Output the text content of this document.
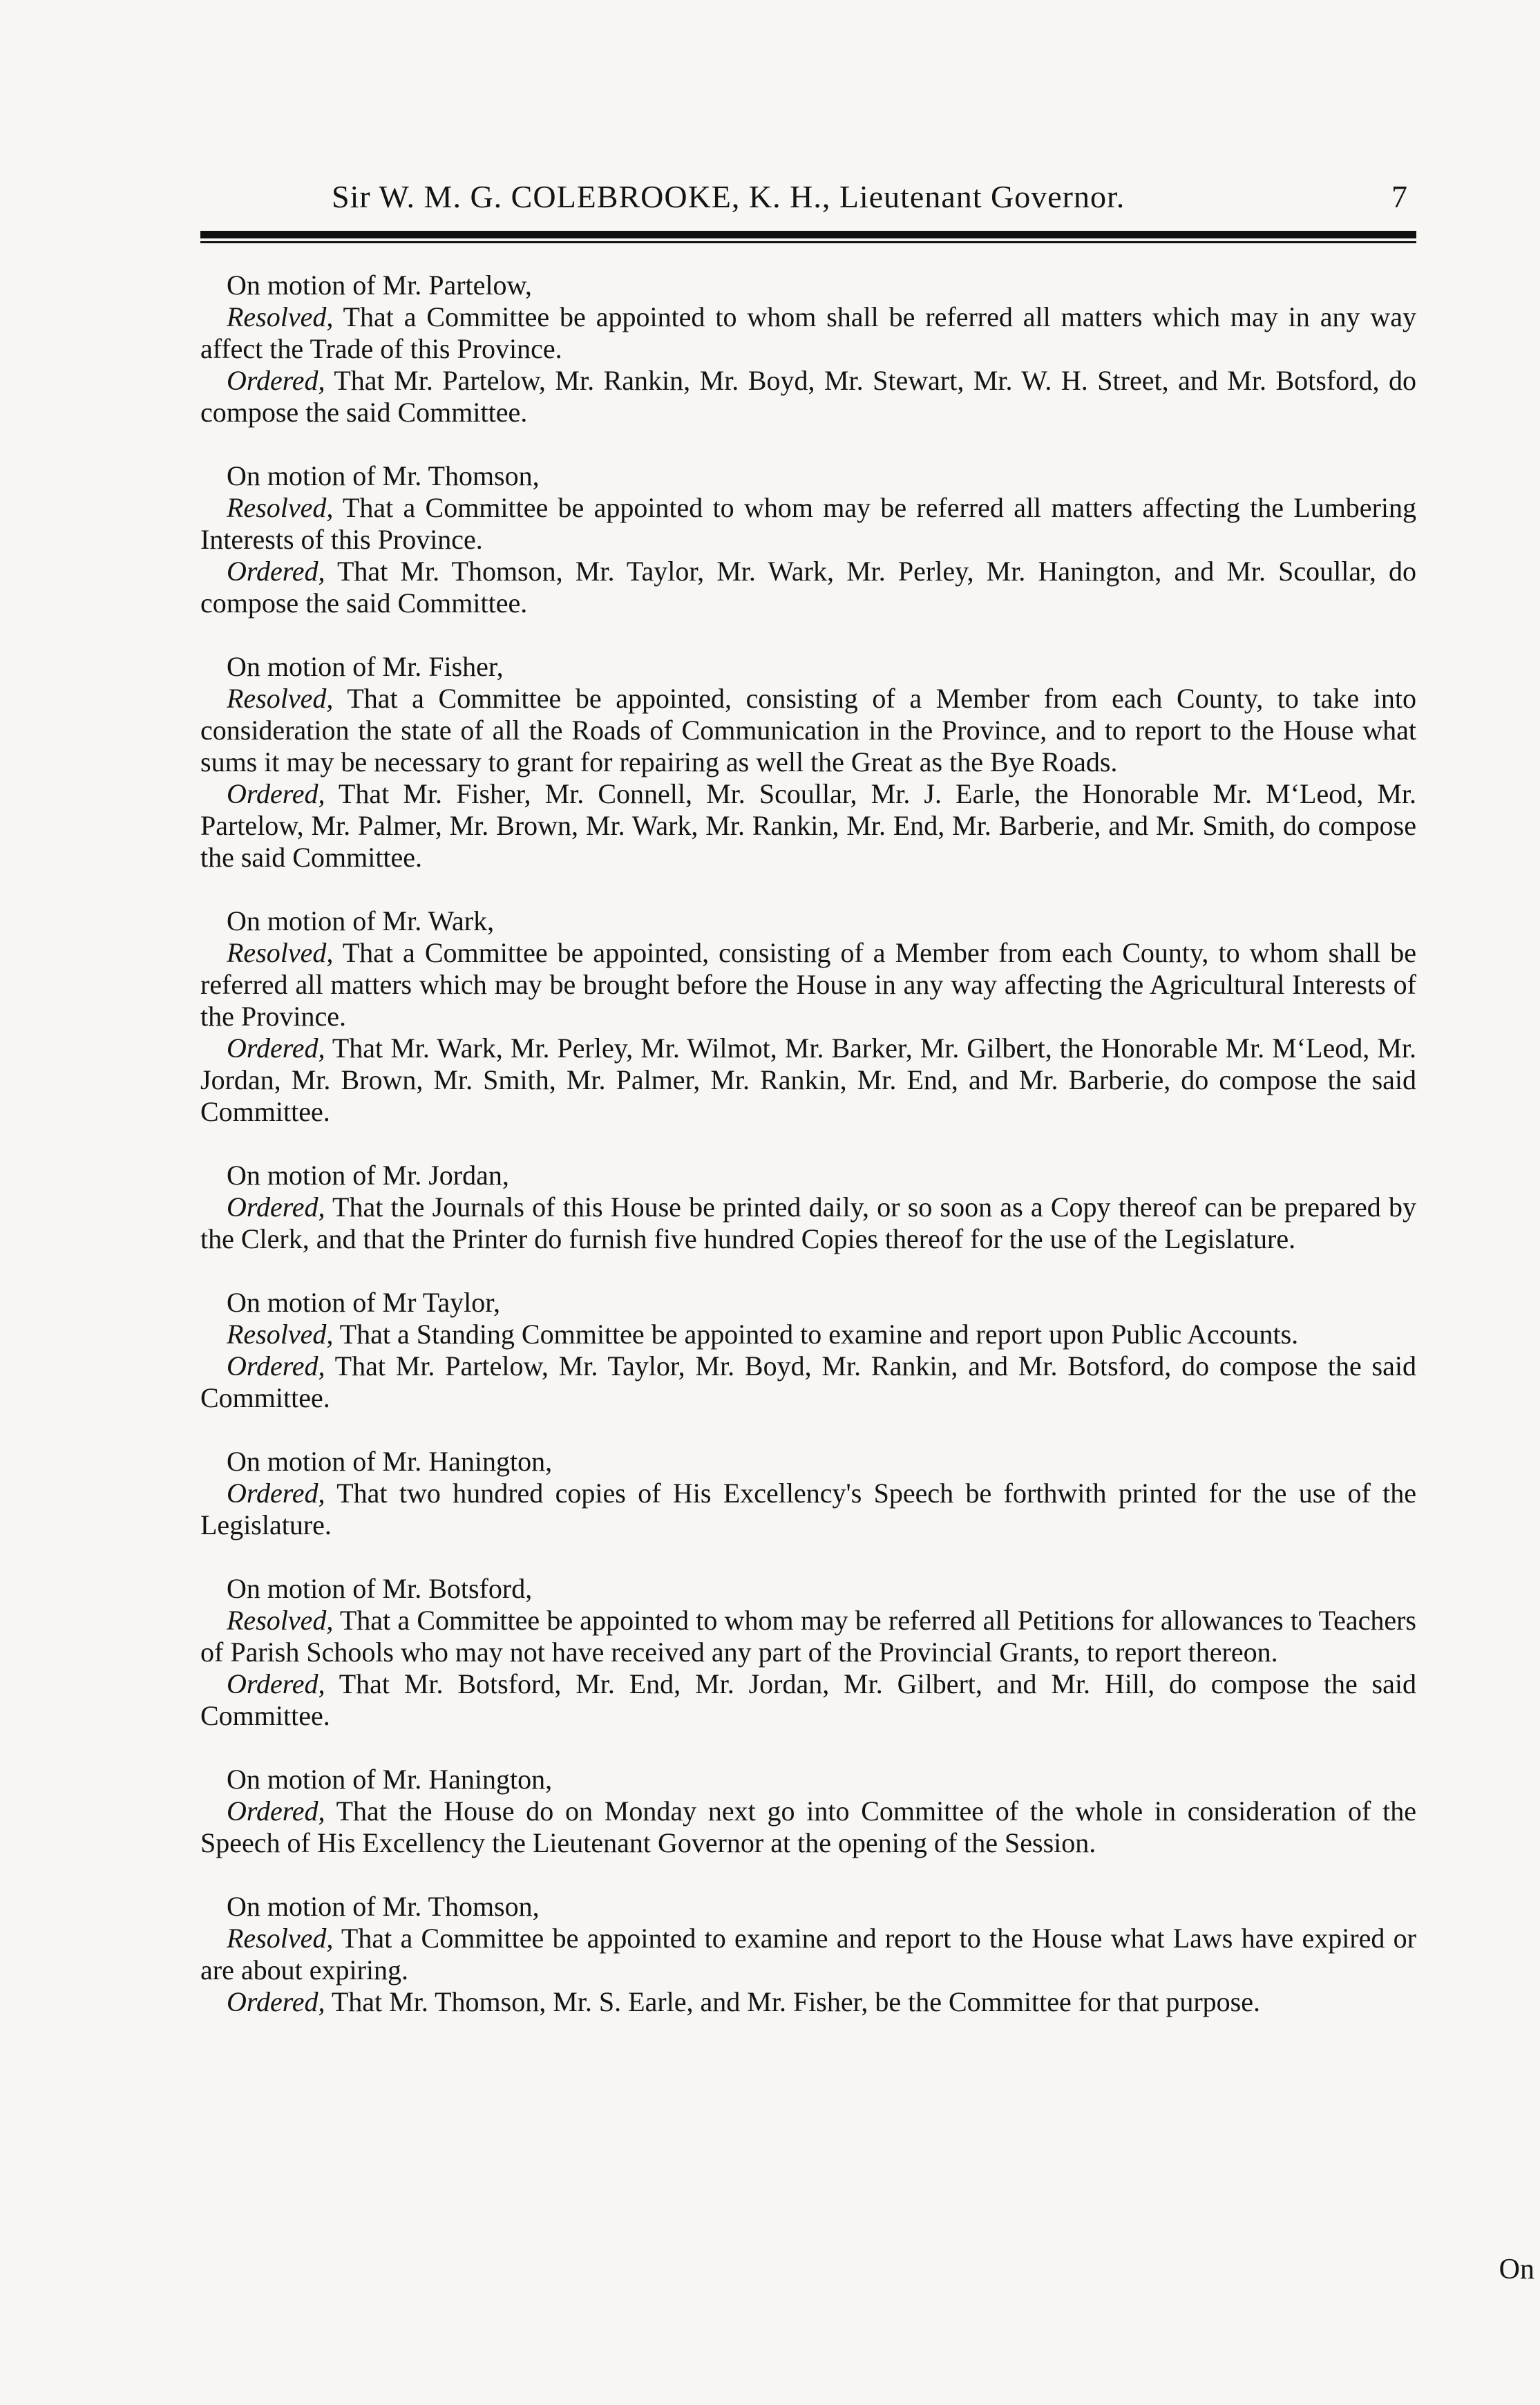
Sir W. M. G. COLEBROOKE, K. H., Lieutenant Governor.	7
On motion of Mr. Partelow,

Resolved, That a Committee be appointed to whom shall be referred all matters which may in any way affect the Trade of this Province.

Ordered, That Mr. Partelow, Mr. Rankin, Mr. Boyd, Mr. Stewart, Mr. W. H. Street, and Mr. Botsford, do compose the said Committee.

On motion of Mr. Thomson,

Resolved, That a Committee be appointed to whom may be referred all matters affecting the Lumbering Interests of this Province.

Ordered, That Mr. Thomson, Mr. Taylor, Mr. Wark, Mr. Perley, Mr. Hanington, and Mr. Scoullar, do compose the said Committee.

On motion of Mr. Fisher,

Resolved, That a Committee be appointed, consisting of a Member from each County, to take into consideration the state of all the Roads of Communication in the Province, and to report to the House what sums it may be necessary to grant for repairing as well the Great as the Bye Roads.

Ordered, That Mr. Fisher, Mr. Connell, Mr. Scoullar, Mr. J. Earle, the Honorable Mr. M‘Leod, Mr. Partelow, Mr. Palmer, Mr. Brown, Mr. Wark, Mr. Rankin, Mr. End, Mr. Barberie, and Mr. Smith, do compose the said Committee.

On motion of Mr. Wark,

Resolved, That a Committee be appointed, consisting of a Member from each County, to whom shall be referred all matters which may be brought before the House in any way affecting the Agricultural Interests of the Province.

Ordered, That Mr. Wark, Mr. Perley, Mr. Wilmot, Mr. Barker, Mr. Gilbert, the Honorable Mr. M‘Leod, Mr. Jordan, Mr. Brown, Mr. Smith, Mr. Palmer, Mr. Rankin, Mr. End, and Mr. Barberie, do compose the said Committee.

On motion of Mr. Jordan,

Ordered, That the Journals of this House be printed daily, or so soon as a Copy thereof can be prepared by the Clerk, and that the Printer do furnish five hundred Copies thereof for the use of the Legislature.

On motion of Mr Taylor,

Resolved, That a Standing Committee be appointed to examine and report upon Public Accounts.

Ordered, That Mr. Partelow, Mr. Taylor, Mr. Boyd, Mr. Rankin, and Mr. Botsford, do compose the said Committee.

On motion of Mr. Hanington,

Ordered, That two hundred copies of His Excellency's Speech be forthwith printed for the use of the Legislature.

On motion of Mr. Botsford,

Resolved, That a Committee be appointed to whom may be referred all Petitions for allowances to Teachers of Parish Schools who may not have received any part of the Provincial Grants, to report thereon.

Ordered, That Mr. Botsford, Mr. End, Mr. Jordan, Mr. Gilbert, and Mr. Hill, do compose the said Committee.

On motion of Mr. Hanington,

Ordered, That the House do on Monday next go into Committee of the whole in consideration of the Speech of His Excellency the Lieutenant Governor at the opening of the Session.

On motion of Mr. Thomson,

Resolved, That a Committee be appointed to examine and report to the House what Laws have expired or are about expiring.

Ordered, That Mr. Thomson, Mr. S. Earle, and Mr. Fisher, be the Committee for that purpose.

On
